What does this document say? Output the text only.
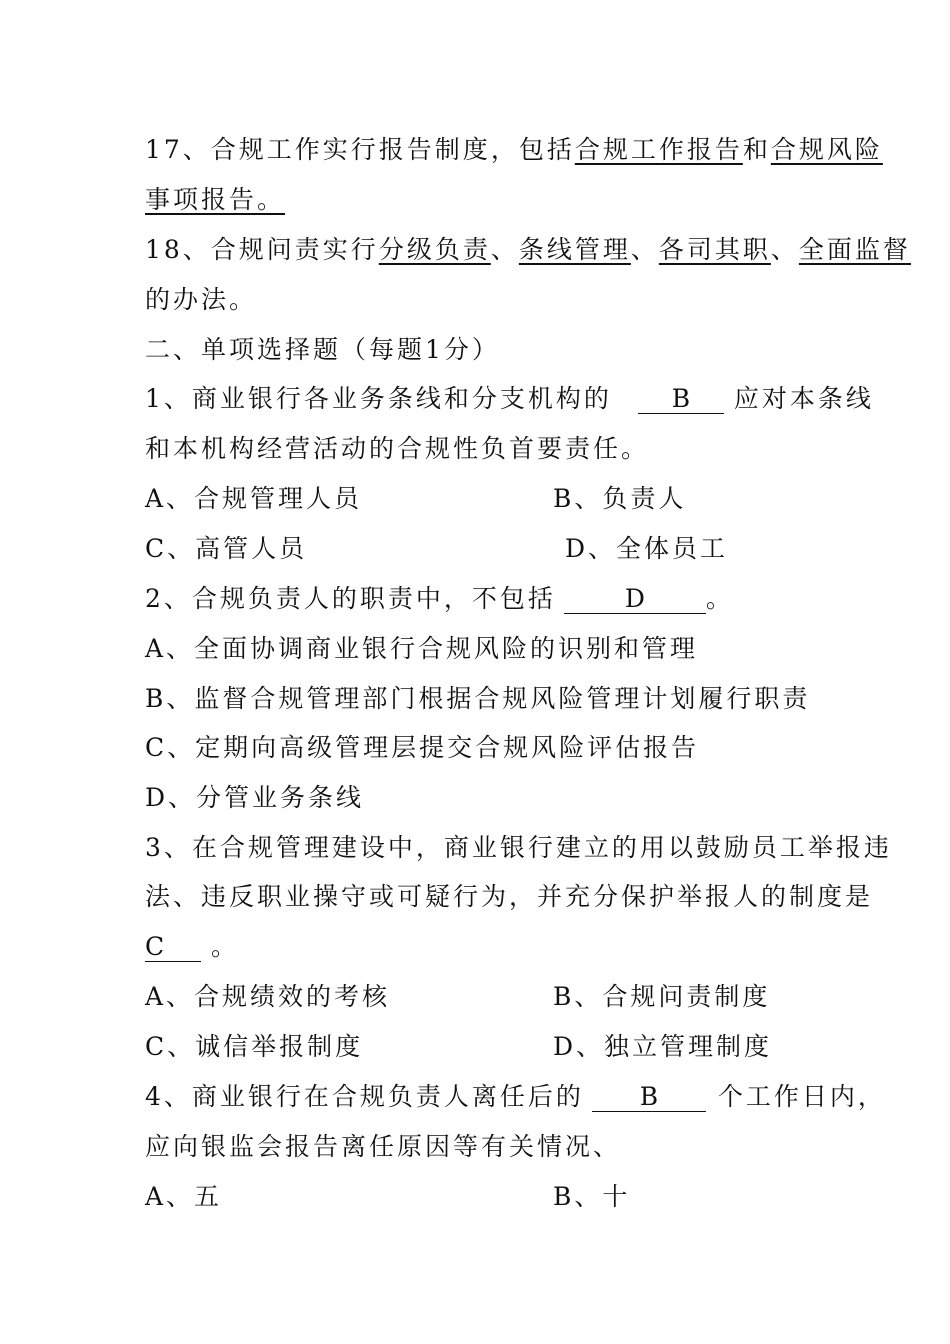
17、合规工作实行报告制度，包括合规工作报告和合规风险
事项报告。
18、合规问责实行分级负责、条线管理、各司其职、全面监督
的办法。
二、单项选择题（每题1分）
1、商业银行各业务条线和分支机构的 B 应对本条线
和本机构经营活动的合规性负首要责任。
A、合规管理人员	B、负责人
C、高管人员	D、全体员工
2、合规负责人的职责中，不包括	D 。
A、全面协调商业银行合规风险的识别和管理
B、监督合规管理部门根据合规风险管理计划履行职责
C、定期向高级管理层提交合规风险评估报告
D、分管业务条线
3、在合规管理建设中，商业银行建立的用以鼓励员工举报违
法、违反职业操守或可疑行为，并充分保护举报人的制度是
C 。
A、合规绩效的考核	B、合规问责制度
C、诚信举报制度	D、独立管理制度
4、商业银行在合规负责人离任后的 B 个工作日内，
应向银监会报告离任原因等有关情况、
A、五	B、十
